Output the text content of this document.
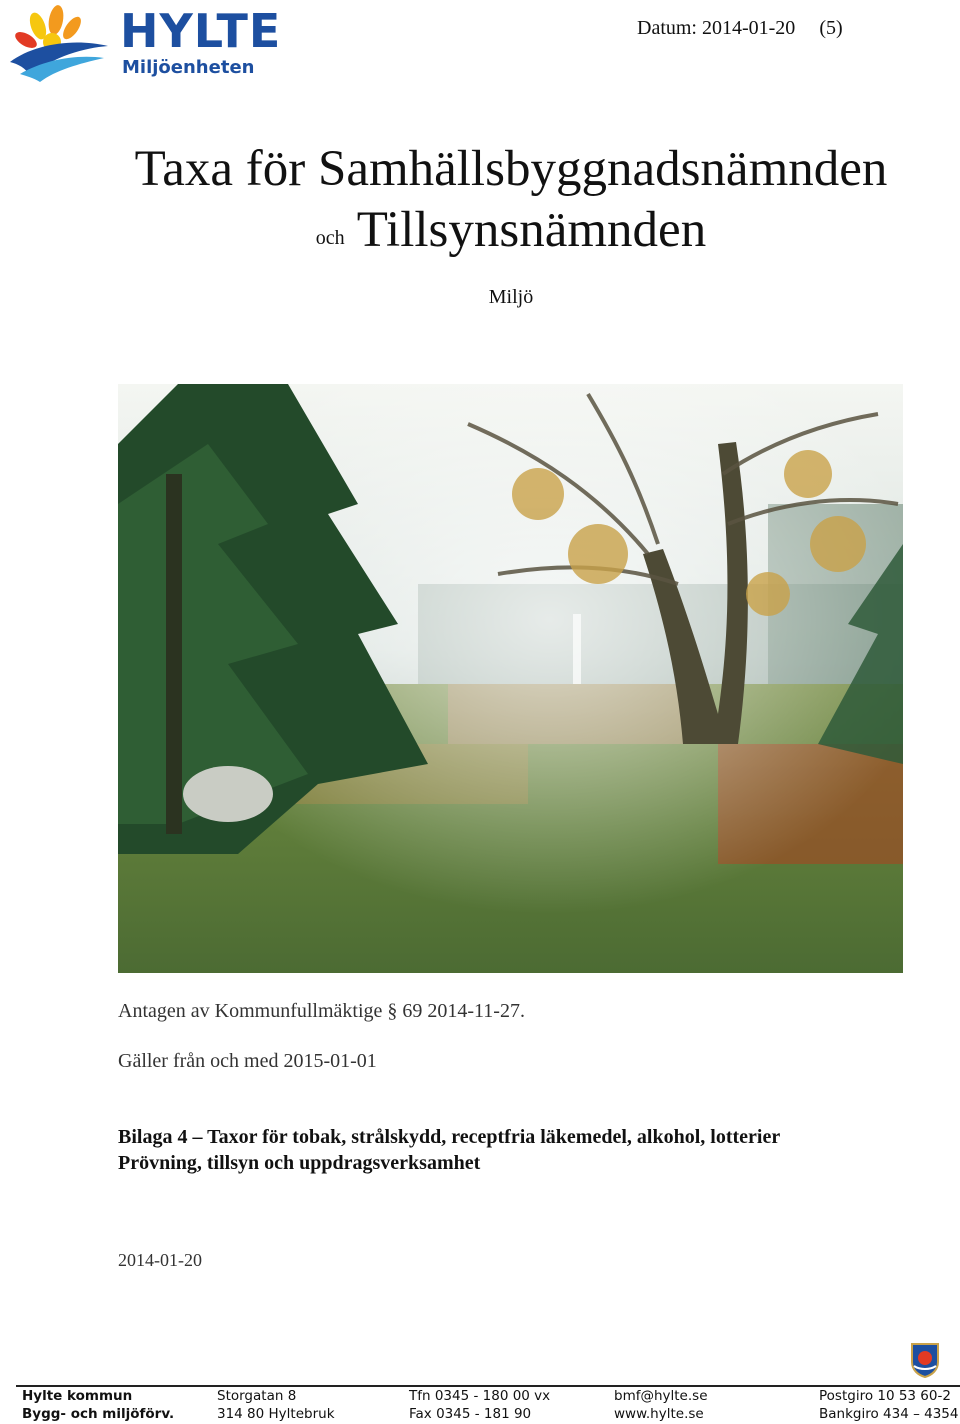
HYLTE
Miljöenheten
Datum: 2014-01-20 (5)
Taxa för Samhällsbyggnadsnämnden
och Tillsynsnämnden
Miljö
Antagen av Kommunfullmäktige § 69 2014-11-27.
Gäller från och med 2015-01-01
Bilaga 4 – Taxor för tobak, strålskydd, receptfria läkemedel, alkohol, lotterier
Prövning, tillsyn och uppdragsverksamhet
2014-01-20
Hylte kommun
Bygg- och miljöförv.
Storgatan 8
314 80 Hyltebruk
Tfn 0345 - 180 00 vx
Fax 0345 - 181 90
bmf@hylte.se
www.hylte.se
Postgiro 10 53 60-2
Bankgiro 434 – 4354
